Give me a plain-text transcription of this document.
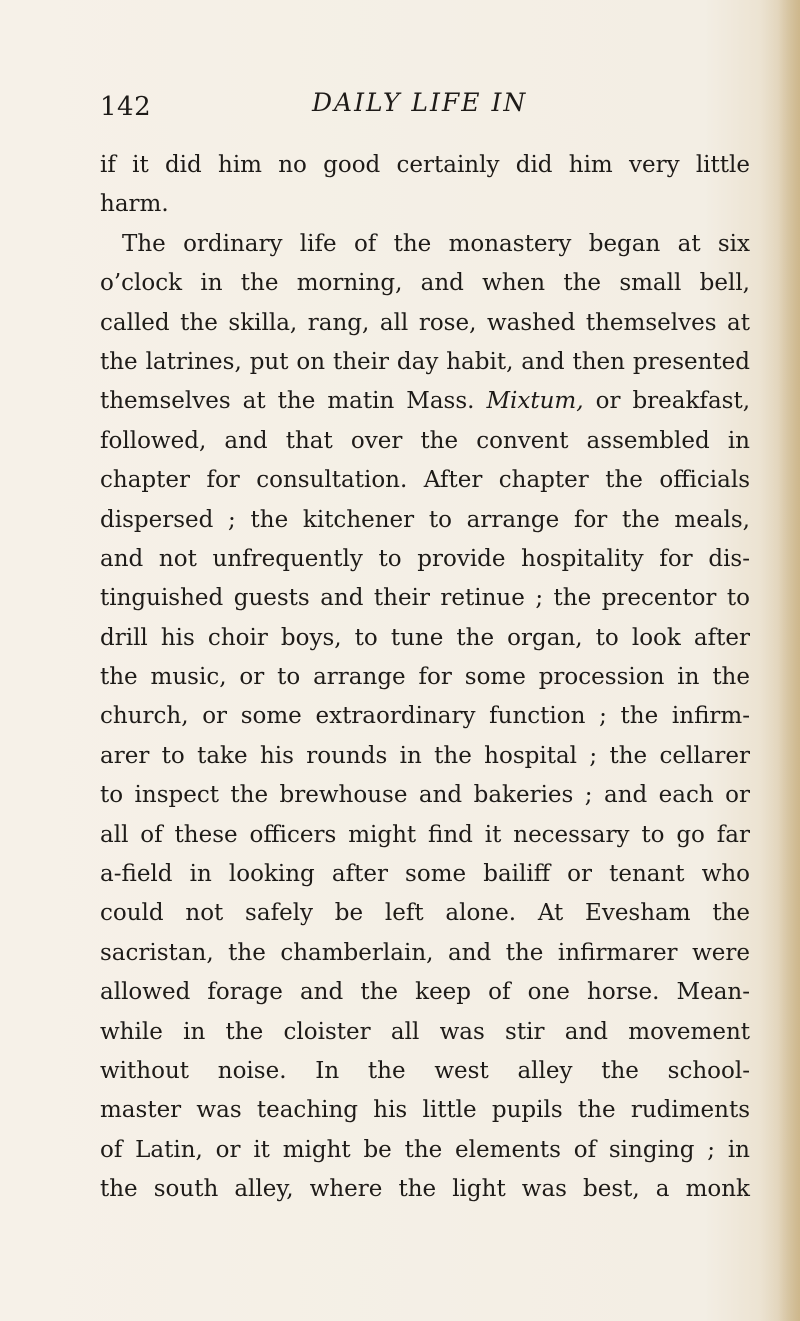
142	DAILY LIFE IN
if it did him no good certainly did him very little
harm.
The ordinary life of the monastery began at six
o’clock in the morning, and when the small bell,
called the skilla, rang, all rose, washed themselves at
the latrines, put on their day habit, and then presented
themselves at the matin Mass. Mixtum, or breakfast,
followed, and that over the convent assembled in
chapter for consultation. After chapter the officials
dispersed ; the kitchener to arrange for the meals,
and not unfrequently to provide hospitality for dis-
tinguished guests and their retinue ; the precentor to
drill his choir boys, to tune the organ, to look after
the music, or to arrange for some procession in the
church, or some extraordinary function ; the infirm-
arer to take his rounds in the hospital ; the cellarer
to inspect the brewhouse and bakeries ; and each or
all of these officers might find it necessary to go far
a-field in looking after some bailiff or tenant who
could not safely be left alone. At Evesham the
sacristan, the chamberlain, and the infirmarer were
allowed forage and the keep of one horse. Mean-
while in the cloister all was stir and movement
without noise. In the west alley the school-
master was teaching his little pupils the rudiments
of Latin, or it might be the elements of singing ; in
the south alley, where the light was best, a monk
